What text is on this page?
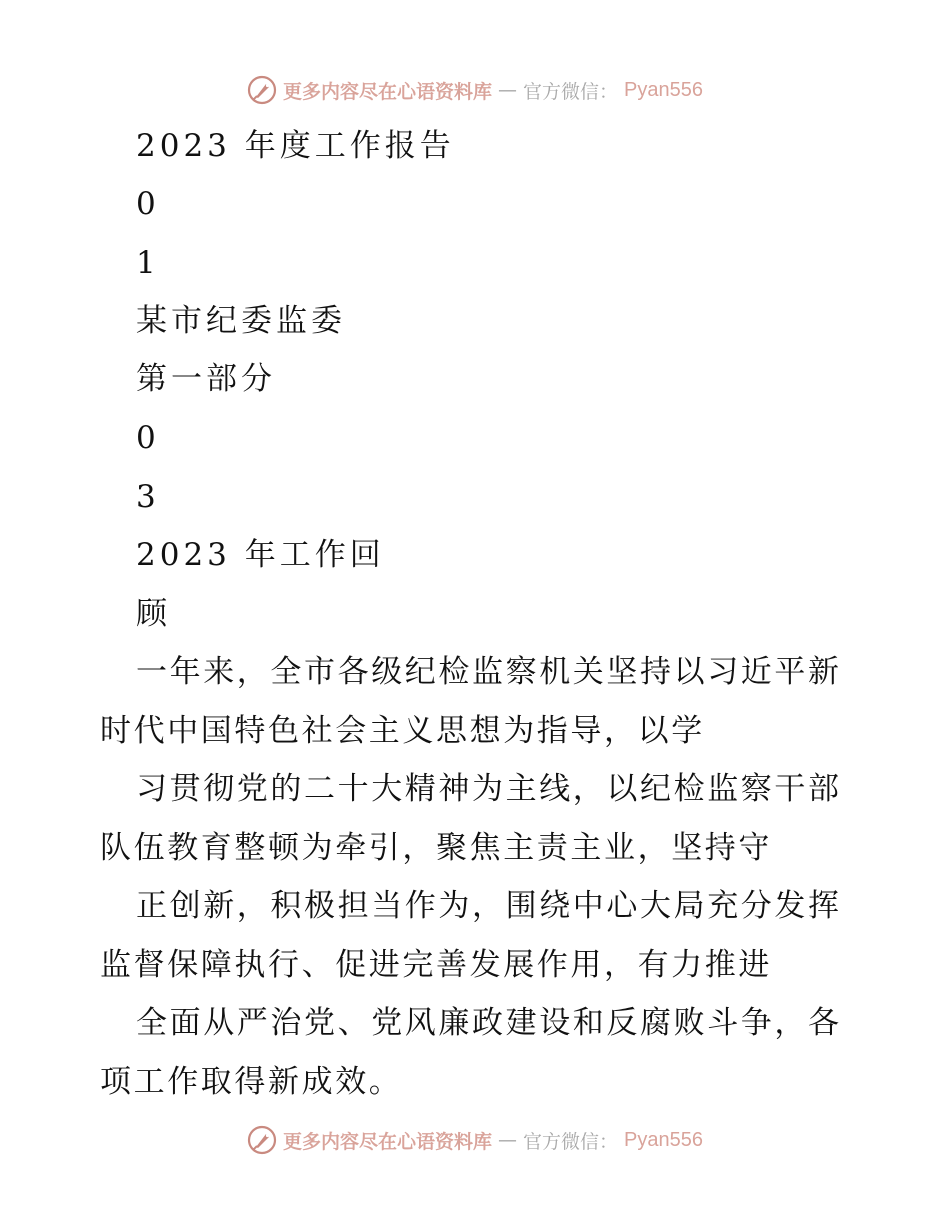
更多内容尽在心语资料库 — 官方微信： Pyan556
2023 年度工作报告
0
1
某市纪委监委
第一部分
0
3
2023 年工作回
顾
一年来，全市各级纪检监察机关坚持以习近平新
时代中国特色社会主义思想为指导，以学
习贯彻党的二十大精神为主线，以纪检监察干部
队伍教育整顿为牵引，聚焦主责主业，坚持守
正创新，积极担当作为，围绕中心大局充分发挥
监督保障执行、促进完善发展作用，有力推进
全面从严治党、党风廉政建设和反腐败斗争，各
项工作取得新成效。
更多内容尽在心语资料库 — 官方微信： Pyan556
